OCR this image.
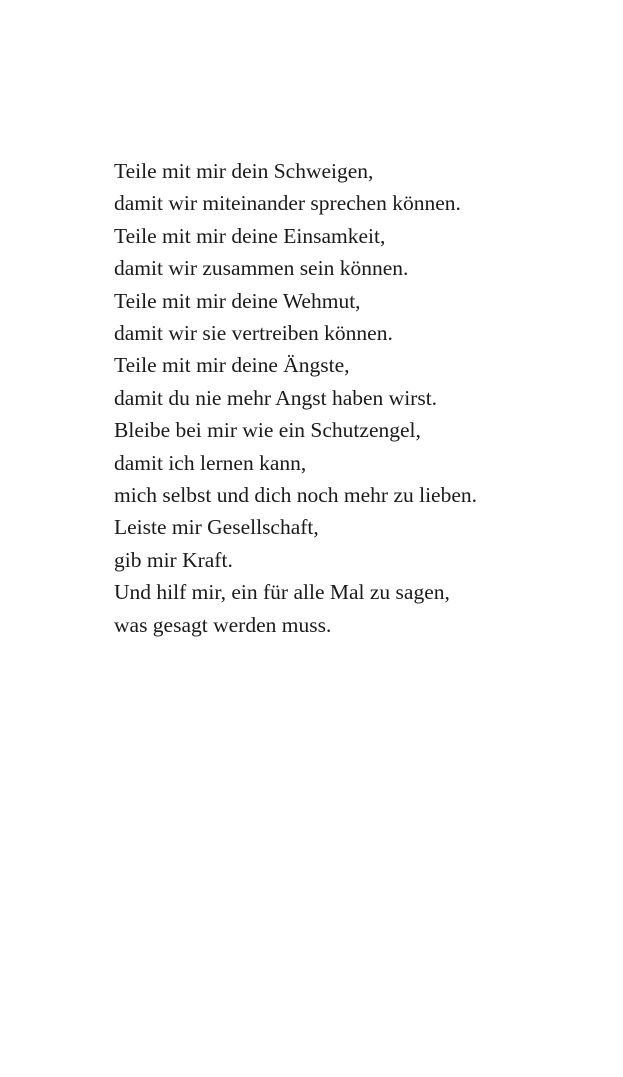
Teile mit mir dein Schweigen,
damit wir miteinander sprechen können.
Teile mit mir deine Einsamkeit,
damit wir zusammen sein können.
Teile mit mir deine Wehmut,
damit wir sie vertreiben können.
Teile mit mir deine Ängste,
damit du nie mehr Angst haben wirst.
Bleibe bei mir wie ein Schutzengel,
damit ich lernen kann,
mich selbst und dich noch mehr zu lieben.
Leiste mir Gesellschaft,
gib mir Kraft.
Und hilf mir, ein für alle Mal zu sagen,
was gesagt werden muss.
